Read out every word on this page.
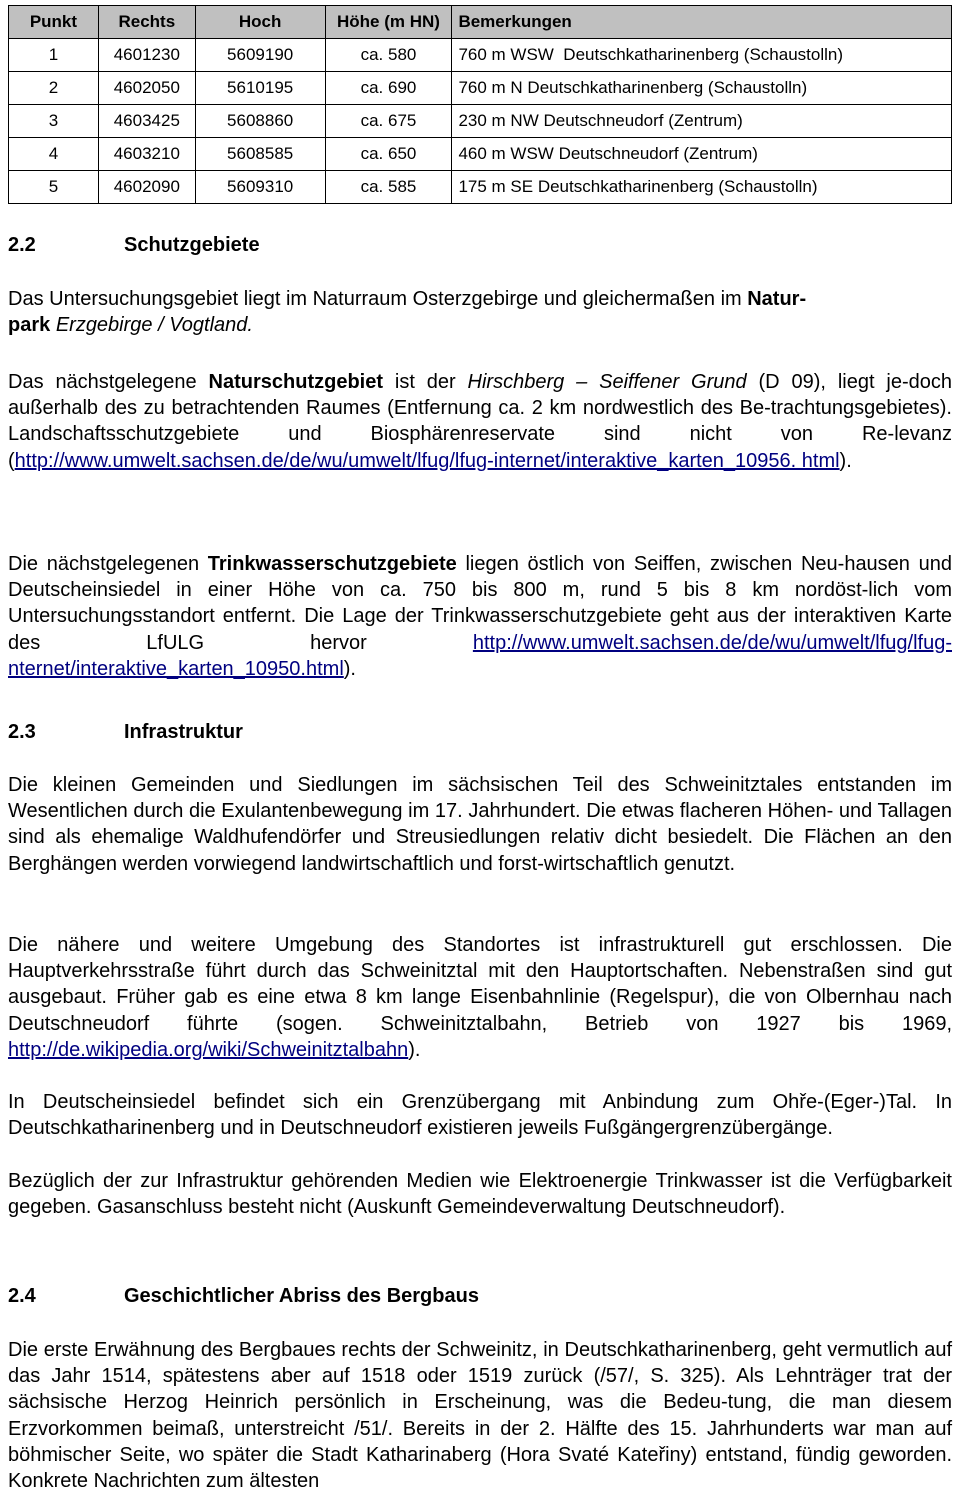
Punkt	Rechts	Hoch	Höhe (m HN)	Bemerkungen
1	4601230	5609190	ca. 580	760 m WSW  Deutschkatharinenberg (Schaustolln)
2	4602050	5610195	ca. 690	760 m N Deutschkatharinenberg (Schaustolln)
3	4603425	5608860	ca. 675	230 m NW Deutschneudorf (Zentrum)
4	4603210	5608585	ca. 650	460 m WSW Deutschneudorf (Zentrum)
5	4602090	5609310	ca. 585	175 m SE Deutschkatharinenberg (Schaustolln)
2.2	Schutzgebiete

Das Untersuchungsgebiet liegt im Naturraum Osterzgebirge und gleichermaßen im Natur-
park Erzgebirge / Vogtland.

Das nächstgelegene Naturschutzgebiet ist der Hirschberg – Seiffener Grund (D 09), liegt je-doch außerhalb des zu betrachtenden Raumes (Entfernung ca. 2 km nordwestlich des Be-trachtungsgebietes). Landschaftsschutzgebiete und Biosphärenreservate sind nicht von Re-levanz (http://www.umwelt.sachsen.de/de/wu/umwelt/lfug/lfug-internet/interaktive_karten_10956. html).

Die nächstgelegenen Trinkwasserschutzgebiete liegen östlich von Seiffen, zwischen Neu-hausen und Deutscheinsiedel in einer Höhe von ca. 750 bis 800 m, rund 5 bis 8 km nordöst-lich vom Untersuchungsstandort entfernt. Die Lage der Trinkwasserschutzgebiete geht aus der interaktiven Karte des LfULG hervor http://www.umwelt.sachsen.de/de/wu/umwelt/lfug/lfug-nternet/interaktive_karten_10950.html).

2.3	Infrastruktur

Die kleinen Gemeinden und Siedlungen im sächsischen Teil des Schweinitztales entstanden im Wesentlichen durch die Exulantenbewegung im 17. Jahrhundert. Die etwas flacheren Höhen- und Tallagen sind als ehemalige Waldhufendörfer und Streusiedlungen relativ dicht besiedelt. Die Flächen an den Berghängen werden vorwiegend landwirtschaftlich und forst-wirtschaftlich genutzt.

Die nähere und weitere Umgebung des Standortes ist infrastrukturell gut erschlossen. Die Hauptverkehrsstraße führt durch das Schweinitztal mit den Hauptortschaften. Nebenstraßen sind gut ausgebaut. Früher gab es eine etwa 8 km lange Eisenbahnlinie (Regelspur), die von Olbernhau nach Deutschneudorf führte (sogen. Schweinitztalbahn, Betrieb von 1927 bis 1969, http://de.wikipedia.org/wiki/Schweinitztalbahn).

In Deutscheinsiedel befindet sich ein Grenzübergang mit Anbindung zum Ohře-(Eger-)Tal. In Deutschkatharinenberg und in Deutschneudorf existieren jeweils Fußgängergrenzübergänge.

Bezüglich der zur Infrastruktur gehörenden Medien wie Elektroenergie Trinkwasser ist die Verfügbarkeit gegeben. Gasanschluss besteht nicht (Auskunft Gemeindeverwaltung Deutschneudorf).

2.4	Geschichtlicher Abriss des Bergbaus

Die erste Erwähnung des Bergbaues rechts der Schweinitz, in Deutschkatharinenberg, geht vermutlich auf das Jahr 1514, spätestens aber auf 1518 oder 1519 zurück (/57/, S. 325). Als Lehnträger trat der sächsische Herzog Heinrich persönlich in Erscheinung, was die Bedeu-tung, die man diesem Erzvorkommen beimaß, unterstreicht /51/. Bereits in der 2. Hälfte des 15. Jahrhunderts war man auf böhmischer Seite, wo später die Stadt Katharinaberg (Hora Svaté Kateřiny) entstand, fündig geworden. Konkrete Nachrichten zum ältesten
